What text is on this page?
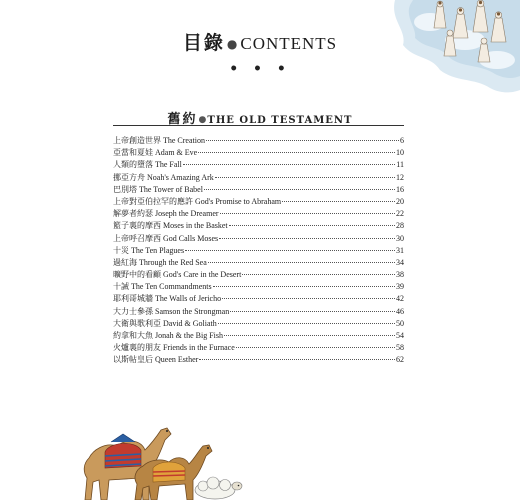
目錄 ● CONTENTS
• • •
舊約●THE OLD TESTAMENT
上帝創造世界 The Creation	6
亞當和夏娃 Adam & Eve	10
人類的墮落 The Fall	11
挪亞方舟 Noah's Amazing Ark	12
巴別塔 The Tower of Babel	16
上帝對亞伯拉罕的應許 God's Promise to Abraham	20
解夢者約瑟 Joseph the Dreamer	22
籃子裏的摩西 Moses in the Basket	28
上帝呼召摩西 God Calls Moses	30
十災 The Ten Plagues	31
過紅海 Through the Red Sea	34
曠野中的看顧 God's Care in the Desert	38
十誡 The Ten Commandments	39
耶利哥城牆 The Walls of Jericho	42
大力士參孫 Samson the Strongman	46
大衛與歌利亞 David & Goliath	50
約拿和大魚 Jonah & the Big Fish	54
火爐裏的朋友 Friends in the Furnace	58
以斯帖皇后 Queen Esther	62
